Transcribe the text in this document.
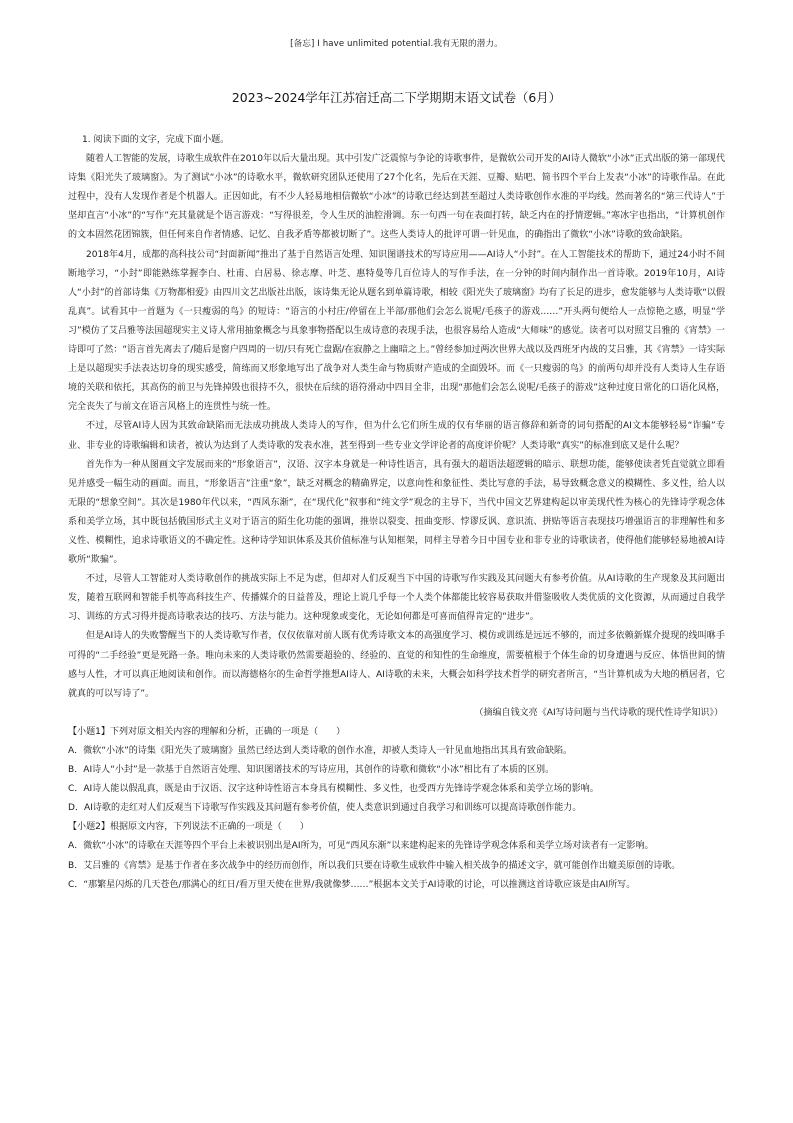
[备忘] I have unlimited potential.我有无限的潜力。
2023~2024学年江苏宿迁高二下学期期末语文试卷（6月）

1. 阅读下面的文字，完成下面小题。

随着人工智能的发展，诗歌生成软件在2010年以后大量出现。其中引发广泛震惊与争论的诗歌事件，是微软公司开发的AI诗人微软“小冰”正式出版的第一部现代诗集《阳光失了玻璃窗》。为了测试“小冰”的诗歌水平，微软研究团队还使用了27个化名，先后在天涯、豆瓣、贴吧、简书四个平台上发表“小冰”的诗歌作品。在此过程中，没有人发现作者是个机器人。正因如此，有不少人轻易地相信微软“小冰”的诗歌已经达到甚至超过人类诗歌创作水准的平均线。然而著名的“第三代诗人”于坚却直言“小冰”的“写作”充其量就是个语言游戏：“写得很差，令人生厌的油腔滑调。东一句西一句在表面打转，缺乏内在的抒情逻辑。”寒冰宇也指出，“计算机创作的文本固然花团锦簇，但任何来自作者情感、记忆、自我矛盾等都被切断了”。这些人类诗人的批评可谓一针见血，的确指出了微软“小冰”诗歌的致命缺陷。

2018年4月，成都的高科技公司“封面新闻”推出了基于自然语言处理、知识图谱技术的写诗应用——AI诗人“小封”。在人工智能技术的帮助下，通过24小时不间断地学习，“小封”即能熟练掌握李白、杜甫、白居易、徐志摩、叶芝、惠特曼等几百位诗人的写作手法，在一分钟的时间内制作出一首诗歌。2019年10月，AI诗人“小封”的首部诗集《万物都相爱》由四川文艺出版社出版，该诗集无论从题名到单篇诗歌，相较《阳光失了玻璃窗》均有了长足的进步，愈发能够与人类诗歌“以假乱真”。试看其中一首题为《一只瘦弱的鸟》的短诗：“语言的小村庄/停留在上半部/那他们会怎么说呢/毛孩子的游戏……”开头两句便给人一点惊艳之感，明显“学习”模仿了艾吕雅等法国超现实主义诗人常用抽象概念与具象事物搭配以生成诗意的表现手法，也很容易给人造成“大师味”的感觉。读者可以对照艾吕雅的《宵禁》一诗即可了然：“语言首先离去了/随后是窗户四周的一切/只有死亡盘踞/在寂静之上幽暗之上。”曾经参加过两次世界大战以及西班牙内战的艾吕雅，其《宵禁》一诗实际上是以超现实手法表达切身的现实感受，简练而又形象地写出了战争对人类生命与物质财产造成的全面毁坏。而《一只瘦弱的鸟》的前两句却并没有人类诗人生存语境的关联和依托，其高伤的前卫与先锋掉毁也很持不久，很快在后续的语符滑动中四目全非，出现“那他们会怎么说呢/毛孩子的游戏”这种过度日常化的口语化风格，完全丧失了与前文在语言风格上的连贯性与统一性。

不过，尽管AI诗人因为其致命缺陷而无法成功挑战人类诗人的写作，但为什么它们所生成的仅有华丽的语言修辞和新奇的词句搭配的AI文本能够轻易“诈骗”专业、非专业的诗歌编辑和读者，被认为达到了人类诗歌的发表水准，甚至得到一些专业文学评论者的高度评价呢？人类诗歌“真实”的标准到底又是什么呢？

首先作为一种从图画文字发展而来的“形象语言”，汉语、汉字本身就是一种诗性语言，具有强大的超语法超逻辑的暗示、联想功能，能够使读者凭直觉就立即看见并感受一幅生动的画面。而且，“形象语言”注重“象”，缺乏对概念的精确界定，以意向性和象征性、类比写意的手法，易导致概念意义的模糊性、多义性，给人以无限的“想象空间”。其次是1980年代以来，“西风东渐”，在“现代化”叙事和“纯文学”观念的主导下，当代中国文艺界建构起以审美现代性为核心的先锋诗学观念体系和美学立场，其中既包括俄国形式主义对于语言的陌生化功能的强调，推崇以裂变、扭曲变形、悖谬反讽、意识流、拼贴等语言表现技巧增强语言的非理解性和多义性、模糊性，追求诗歌语义的不确定性。这种诗学知识体系及其价值标准与认知框架，同样主导着今日中国专业和非专业的诗歌读者，使得他们能够轻易地被AI诗歌所“欺骗”。

不过，尽管人工智能对人类诗歌创作的挑战实际上不足为虑，但却对人们反观当下中国的诗歌写作实践及其问题大有参考价值。从AI诗歌的生产现象及其问题出发，随着互联网和智能手机等高科技生产、传播媒介的日益普及，理论上说几乎每一个人类个体都能比较容易获取并借鉴吸收人类优质的文化资源，从而通过自我学习、训练的方式习得并提高诗歌表达的技巧、方法与能力。这种现象或变化，无论如何都是可喜而值得肯定的“进步”。

但是AI诗人的失败警醒当下的人类诗歌写作者，仅仅依靠对前人既有优秀诗歌文本的高强度学习、模仿或训练是远远不够的，而过多依赖新媒介提现的线叫咻手可得的“二手经验”更是死路一条。唯向未来的人类诗歌仍然需要超验的、经验的、直觉的和知性的生命维度，需要植根于个体生命的切身遭遇与反应、体悟世间的情感与人性，才可以真正地阅读和创作。而以海德格尔的生命哲学推想AI诗人、AI诗歌的未来，大概会如科学技术哲学的研究者所言，“当计算机成为大地的栖居者，它就真的可以写诗了”。

（摘编自钱文亮《AI写诗问题与当代诗歌的现代性诗学知识》）

【小题1】下列对原文相关内容的理解和分析，正确的一项是（　　）

A．微软“小冰”的诗集《阳光失了玻璃窗》虽然已经达到人类诗歌的创作水准，却被人类诗人一针见血地指出其具有致命缺陷。

B．AI诗人“小封”是一款基于自然语言处理、知识图谱技术的写诗应用，其创作的诗歌和微软“小冰”相比有了本质的区别。

C．AI诗人能以假乱真，既是由于汉语、汉字这种诗性语言本身具有模糊性、多义性，也受西方先锋诗学观念体系和美学立场的影响。

D．AI诗歌的走红对人们反观当下诗歌写作实践及其问题有参考价值，使人类意识到通过自我学习和训练可以提高诗歌创作能力。

【小题2】根据原文内容，下列说法不正确的一项是（　　）

A．微软“小冰”的诗歌在天涯等四个平台上未被识别出是AI所为，可见“西风东渐”以来建构起来的先锋诗学观念体系和美学立场对读者有一定影响。

B．艾吕雅的《宵禁》是基于作者在多次战争中的经历而创作，所以我们只要在诗歌生成软件中输入相关战争的描述文字，就可能创作出媲美原创的诗歌。

C．“那繁星闪烁的几天苍色/那满心的红日/看万里天使在世界/我就像梦……”根据本文关于AI诗歌的讨论，可以推测这首诗歌应该是由AI所写。
